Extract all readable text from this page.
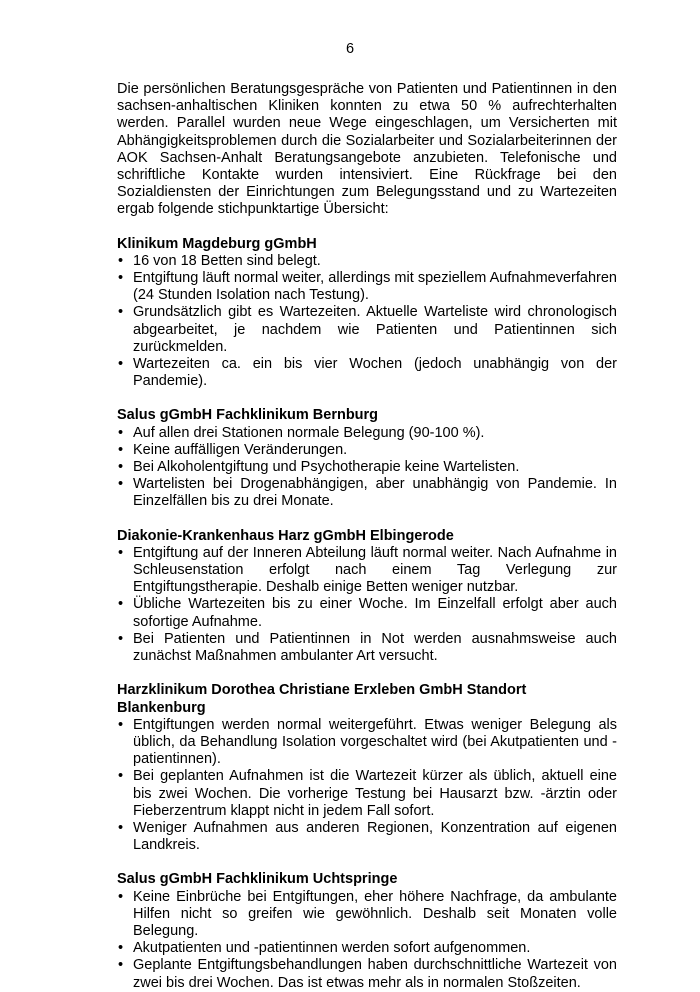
6

Die persönlichen Beratungsgespräche von Patienten und Patientinnen in den sachsen-anhaltischen Kliniken konnten zu etwa 50 % aufrechterhalten werden. Parallel wurden neue Wege eingeschlagen, um Versicherten mit Abhängigkeitsproblemen durch die Sozialarbeiter und Sozialarbeiterinnen der AOK Sachsen-Anhalt Beratungsangebote anzubieten. Telefonische und schriftliche Kontakte wurden intensiviert. Eine Rückfrage bei den Sozialdiensten der Einrichtungen zum Belegungsstand und zu Wartezeiten ergab folgende stichpunktartige Übersicht:

Klinikum Magdeburg gGmbH

• 16 von 18 Betten sind belegt.
• Entgiftung läuft normal weiter, allerdings mit speziellem Aufnahmeverfahren (24 Stunden Isolation nach Testung).
• Grundsätzlich gibt es Wartezeiten. Aktuelle Warteliste wird chronologisch abgearbeitet, je nachdem wie Patienten und Patientinnen sich zurückmelden.
• Wartezeiten ca. ein bis vier Wochen (jedoch unabhängig von der Pandemie).

Salus gGmbH Fachklinikum Bernburg

• Auf allen drei Stationen normale Belegung (90-100 %).
• Keine auffälligen Veränderungen.
• Bei Alkoholentgiftung und Psychotherapie keine Wartelisten.
• Wartelisten bei Drogenabhängigen, aber unabhängig von Pandemie. In Einzelfällen bis zu drei Monate.

Diakonie-Krankenhaus Harz gGmbH Elbingerode

• Entgiftung auf der Inneren Abteilung läuft normal weiter. Nach Aufnahme in Schleusenstation erfolgt nach einem Tag Verlegung zur Entgiftungstherapie. Deshalb einige Betten weniger nutzbar.
• Übliche Wartezeiten bis zu einer Woche. Im Einzelfall erfolgt aber auch sofortige Aufnahme.
• Bei Patienten und Patientinnen in Not werden ausnahmsweise auch zunächst Maßnahmen ambulanter Art versucht.

Harzklinikum Dorothea Christiane Erxleben GmbH Standort Blankenburg

• Entgiftungen werden normal weitergeführt. Etwas weniger Belegung als üblich, da Behandlung Isolation vorgeschaltet wird (bei Akutpatienten und -patientinnen).
• Bei geplanten Aufnahmen ist die Wartezeit kürzer als üblich, aktuell eine bis zwei Wochen. Die vorherige Testung bei Hausarzt bzw. -ärztin oder Fieberzentrum klappt nicht in jedem Fall sofort.
• Weniger Aufnahmen aus anderen Regionen, Konzentration auf eigenen Landkreis.

Salus gGmbH Fachklinikum Uchtspringe

• Keine Einbrüche bei Entgiftungen, eher höhere Nachfrage, da ambulante Hilfen nicht so greifen wie gewöhnlich. Deshalb seit Monaten volle Belegung.
• Akutpatienten und -patientinnen werden sofort aufgenommen.
• Geplante Entgiftungsbehandlungen haben durchschnittliche Wartezeit von zwei bis drei Wochen. Das ist etwas mehr als in normalen Stoßzeiten.
